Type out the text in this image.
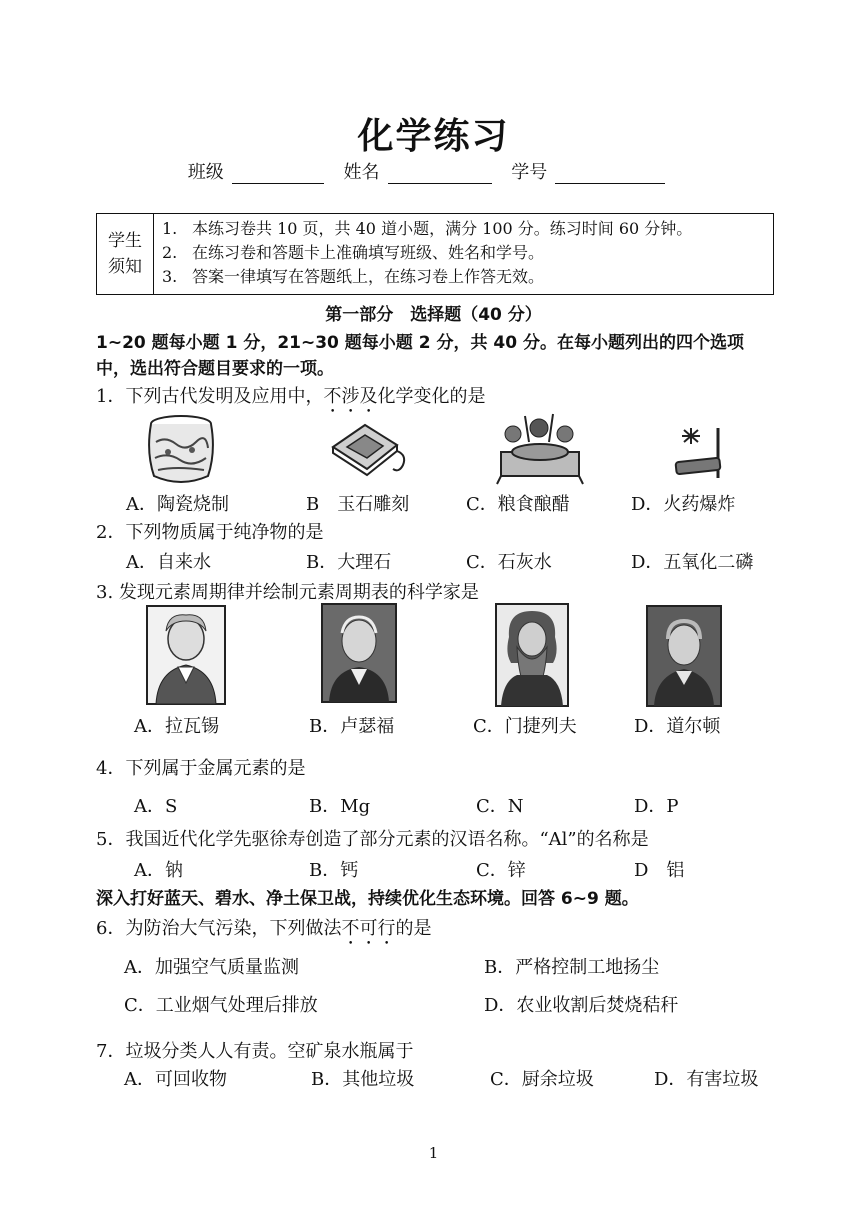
化学练习
班级	姓名	学号
学生
须知
1. 本练习卷共 10 页，共 40 道小题，满分 100 分。练习时间 60 分钟。
2. 在练习卷和答题卡上准确填写班级、姓名和学号。
3. 答案一律填写在答题纸上，在练习卷上作答无效。
第一部分　选择题（40 分）
1~20 题每小题 1 分，21~30 题每小题 2 分，共 40 分。在每小题列出的四个选项
中，选出符合题目要求的一项。
1．下列古代发明及应用中，不涉及化学变化的是
A．陶瓷烧制	B　玉石雕刻	C．粮食酿醋	D．火药爆炸
2．下列物质属于纯净物的是
A．自来水	B．大理石	C．石灰水	D．五氧化二磷
3. 发现元素周期律并绘制元素周期表的科学家是
A．拉瓦锡	B．卢瑟福	C．门捷列夫	D．道尔顿
4．下列属于金属元素的是
A．S	B．Mg	C．N	D．P
5．我国近代化学先驱徐寿创造了部分元素的汉语名称。“Al”的名称是
A．钠	B．钙	C．锌	D　铝
深入打好蓝天、碧水、净土保卫战，持续优化生态环境。回答 6~9 题。
6．为防治大气污染，下列做法不可行的是
A．加强空气质量监测	B．严格控制工地扬尘
C．工业烟气处理后排放	D．农业收割后焚烧秸秆
7．垃圾分类人人有责。空矿泉水瓶属于
A．可回收物	B．其他垃圾	C．厨余垃圾	D．有害垃圾
1
